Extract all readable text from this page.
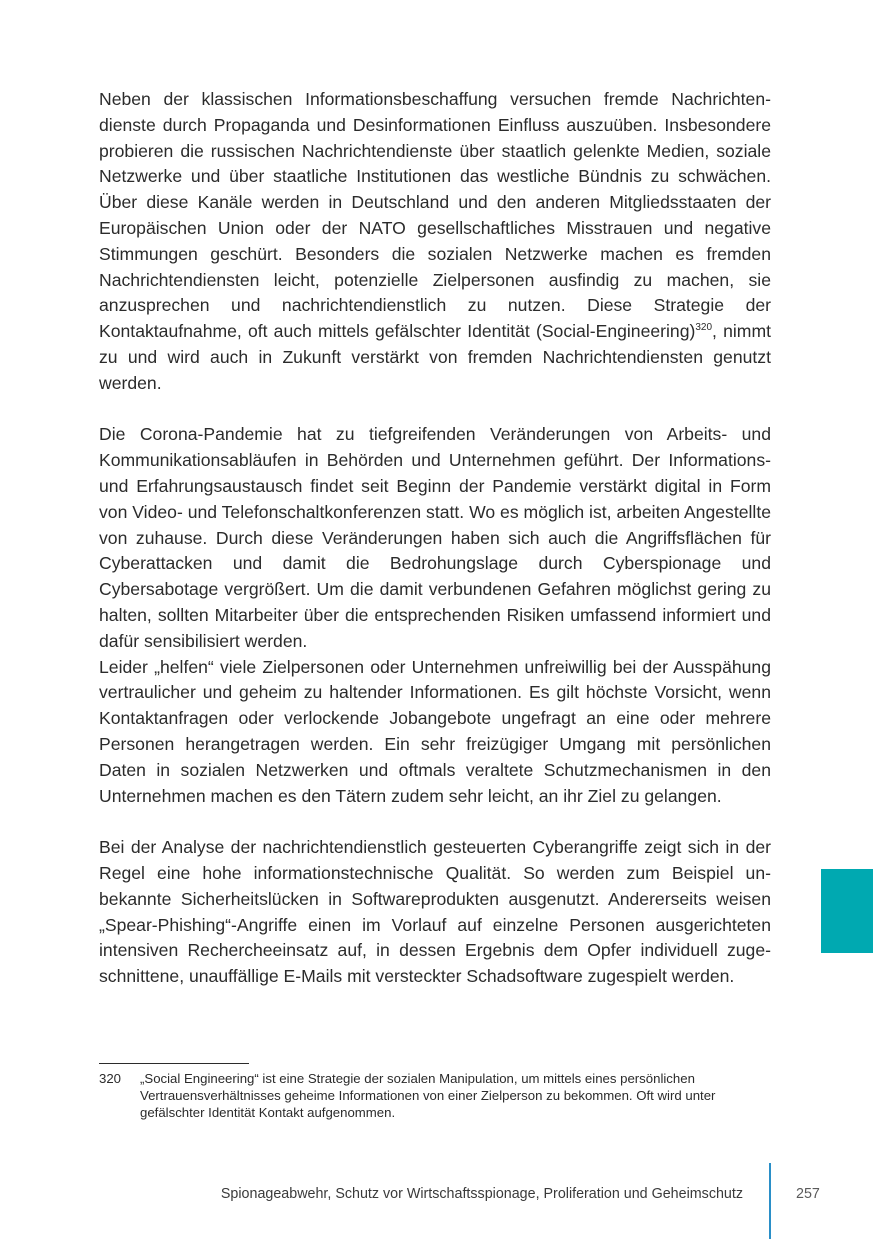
Neben der klassischen Informationsbeschaffung versuchen fremde Nachrichtendienste durch Propaganda und Desinformationen Einfluss auszuüben. Insbesondere probieren die russischen Nachrichtendienste über staatlich gelenkte Medien, soziale Netzwerke und über staatliche Institutionen das westliche Bündnis zu schwächen. Über diese Kanäle werden in Deutschland und den anderen Mitgliedsstaaten der Europäischen Union oder der NATO gesellschaftliches Misstrauen und negative Stimmungen geschürt. Besonders die sozialen Netzwerke machen es fremden Nachrichtendiensten leicht, potenzielle Zielpersonen ausfindig zu machen, sie anzusprechen und nachrichtendienstlich zu nutzen. Diese Strategie der Kontaktaufnahme, oft auch mittels gefälschter Identität (Social-Engineering)$^{320}$, nimmt zu und wird auch in Zukunft verstärkt von fremden Nachrichtendiensten genutzt werden.

Die Corona-Pandemie hat zu tiefgreifenden Veränderungen von Arbeits- und Kommunikationsabläufen in Behörden und Unternehmen geführt. Der Informations- und Erfahrungsaustausch findet seit Beginn der Pandemie verstärkt digital in Form von Video- und Telefonschaltkonferenzen statt. Wo es möglich ist, arbeiten Angestellte von zuhause. Durch diese Veränderungen haben sich auch die Angriffsflächen für Cyberattacken und damit die Bedrohungslage durch Cyberspionage und Cybersabotage vergrößert. Um die damit verbundenen Gefahren möglichst gering zu halten, sollten Mitarbeiter über die entsprechenden Risiken umfassend informiert und dafür sensibilisiert werden.

Leider „helfen“ viele Zielpersonen oder Unternehmen unfreiwillig bei der Ausspähung vertraulicher und geheim zu haltender Informationen. Es gilt höchste Vorsicht, wenn Kontaktanfragen oder verlockende Jobangebote ungefragt an eine oder mehrere Personen herangetragen werden. Ein sehr freizügiger Umgang mit persönlichen Daten in sozialen Netzwerken und oftmals veraltete Schutzmechanismen in den Unternehmen machen es den Tätern zudem sehr leicht, an ihr Ziel zu gelangen.

Bei der Analyse der nachrichtendienstlich gesteuerten Cyberangriffe zeigt sich in der Regel eine hohe informationstechnische Qualität. So werden zum Beispiel unbekannte Sicherheitslücken in Softwareprodukten ausgenutzt. Andererseits weisen „Spear-Phishing“-Angriffe einen im Vorlauf auf einzelne Personen ausgerichteten intensiven Rechercheeinsatz auf, in dessen Ergebnis dem Opfer individuell zugeschnittene, unauffällige E-Mails mit versteckter Schadsoftware zugespielt werden.

320	„Social Engineering“ ist eine Strategie der sozialen Manipulation, um mittels eines persönlichen Vertrauensverhältnisses geheime Informationen von einer Zielperson zu bekommen. Oft wird unter gefälschter Identität Kontakt aufgenommen.
Spionageabwehr, Schutz vor Wirtschaftsspionage, Proliferation und Geheimschutz	257
